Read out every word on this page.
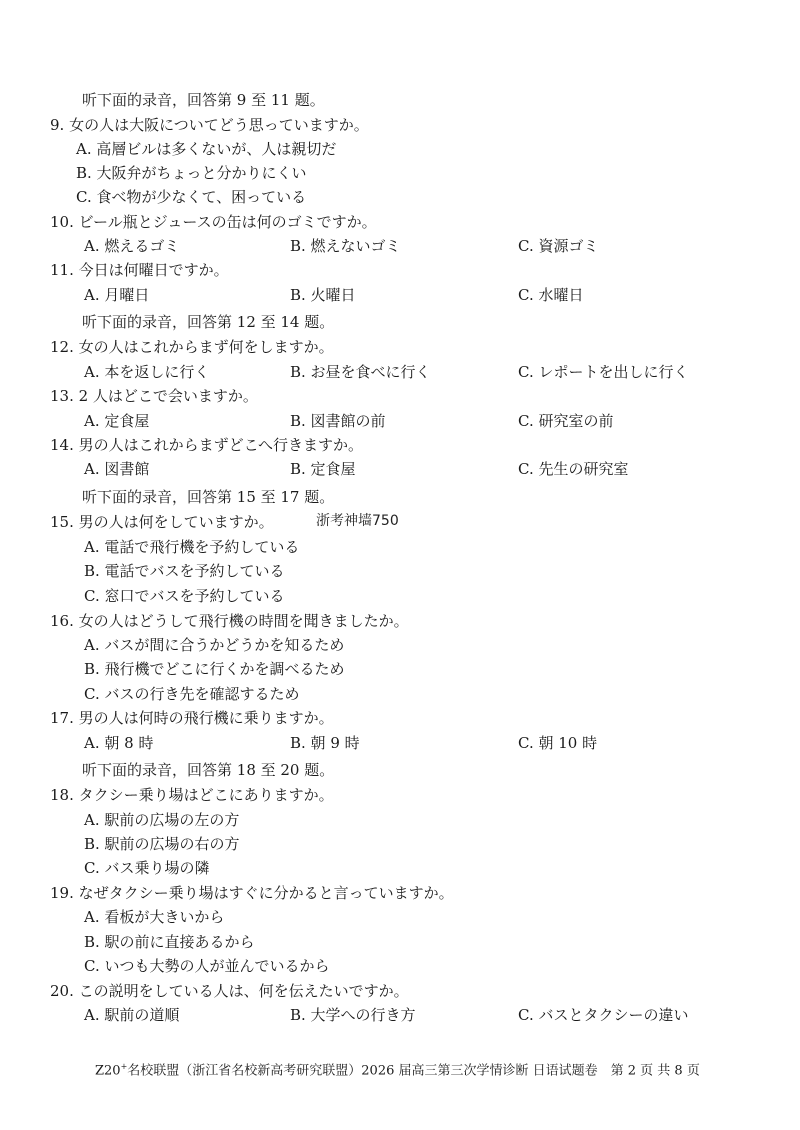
听下面的录音，回答第 9 至 11 题。
9. 女の人は大阪についてどう思っていますか。
A. 高層ビルは多くないが、人は親切だ
B. 大阪弁がちょっと分かりにくい
C. 食べ物が少なくて、困っている
10. ビール瓶とジュースの缶は何のゴミですか。
A. 燃えるゴミ	B. 燃えないゴミ	C. 資源ゴミ
11. 今日は何曜日ですか。
A. 月曜日	B. 火曜日	C. 水曜日
听下面的录音，回答第 12 至 14 题。
12. 女の人はこれからまず何をしますか。
A. 本を返しに行く	B. お昼を食べに行く	C. レポートを出しに行く
13. 2 人はどこで会いますか。
A. 定食屋	B. 図書館の前	C. 研究室の前
14. 男の人はこれからまずどこへ行きますか。
A. 図書館	B. 定食屋	C. 先生の研究室
听下面的录音，回答第 15 至 17 题。
15. 男の人は何をしていますか。	浙考神墙750
A. 電話で飛行機を予約している
B. 電話でバスを予約している
C. 窓口でバスを予約している
16. 女の人はどうして飛行機の時間を聞きましたか。
A. バスが間に合うかどうかを知るため
B. 飛行機でどこに行くかを調べるため
C. バスの行き先を確認するため
17. 男の人は何時の飛行機に乗りますか。
A. 朝 8 時	B. 朝 9 時	C. 朝 10 時
听下面的录音，回答第 18 至 20 题。
18. タクシー乗り場はどこにありますか。
A. 駅前の広場の左の方
B. 駅前の広場の右の方
C. バス乗り場の隣
19. なぜタクシー乗り場はすぐに分かると言っていますか。
A. 看板が大きいから
B. 駅の前に直接あるから
C. いつも大勢の人が並んでいるから
20. この説明をしている人は、何を伝えたいですか。
A. 駅前の道順	B. 大学への行き方	C. バスとタクシーの違い
Z20+名校联盟（浙江省名校新高考研究联盟）2026 届高三第三次学情诊断 日语试题卷　第 2 页 共 8 页
